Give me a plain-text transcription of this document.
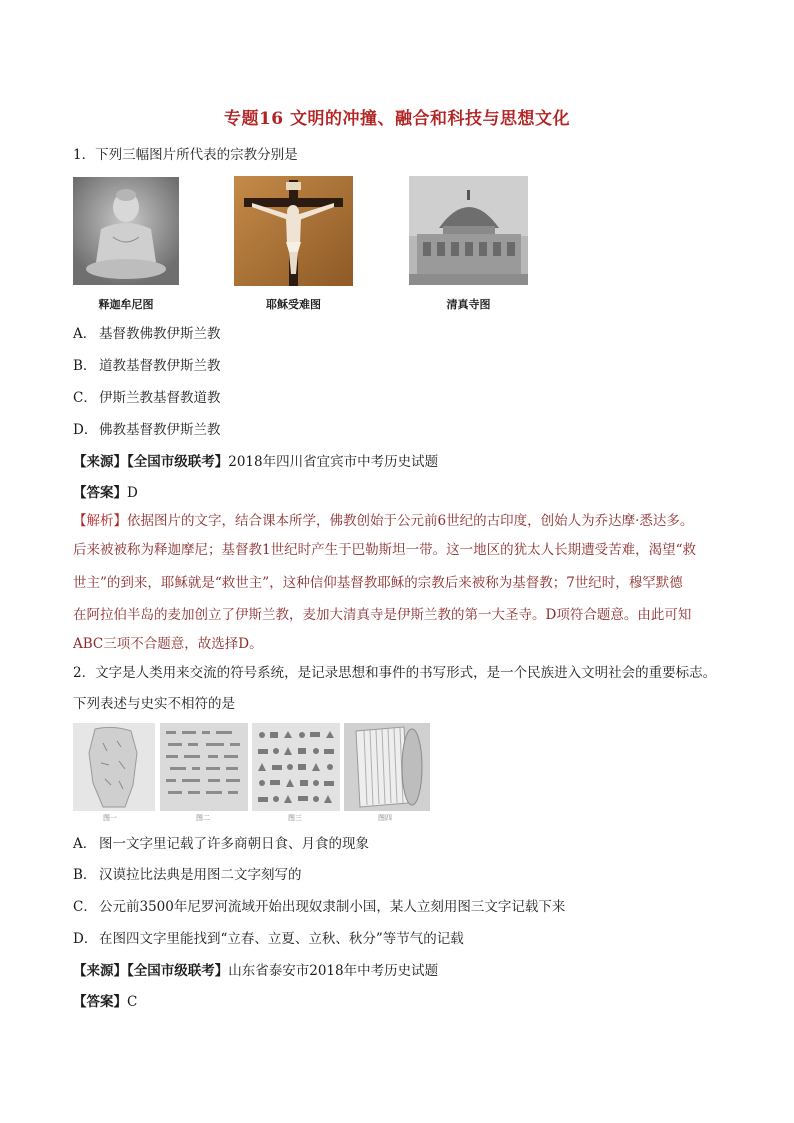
专题16 文明的冲撞、融合和科技与思想文化
1．下列三幅图片所代表的宗教分别是
释迦牟尼图	耶稣受难图	清真寺图
A． 基督教佛教伊斯兰教
B． 道教基督教伊斯兰教
C． 伊斯兰教基督教道教
D． 佛教基督教伊斯兰教
【来源】【全国市级联考】2018年四川省宜宾市中考历史试题
【答案】D
【解析】依据图片的文字，结合课本所学，佛教创始于公元前6世纪的古印度，创始人为乔达摩·悉达多。
后来被被称为释迦摩尼；基督教1世纪时产生于巴勒斯坦一带。这一地区的犹太人长期遭受苦难，渴望“救
世主”的到来，耶稣就是“救世主”，这种信仰基督教耶稣的宗教后来被称为基督教；7世纪时，穆罕默德
在阿拉伯半岛的麦加创立了伊斯兰教，麦加大清真寺是伊斯兰教的第一大圣寺。D项符合题意。由此可知
ABC三项不合题意，故选择D。
2．文字是人类用来交流的符号系统，是记录思想和事件的书写形式，是一个民族进入文明社会的重要标志。
下列表述与史实不相符的是
图一	图二	图三	图四
A． 图一文字里记载了许多商朝日食、月食的现象
B． 汉谟拉比法典是用图二文字刻写的
C． 公元前3500年尼罗河流域开始出现奴隶制小国，某人立刻用图三文字记载下来
D． 在图四文字里能找到“立春、立夏、立秋、秋分”等节气的记载
【来源】【全国市级联考】山东省泰安市2018年中考历史试题
【答案】C
